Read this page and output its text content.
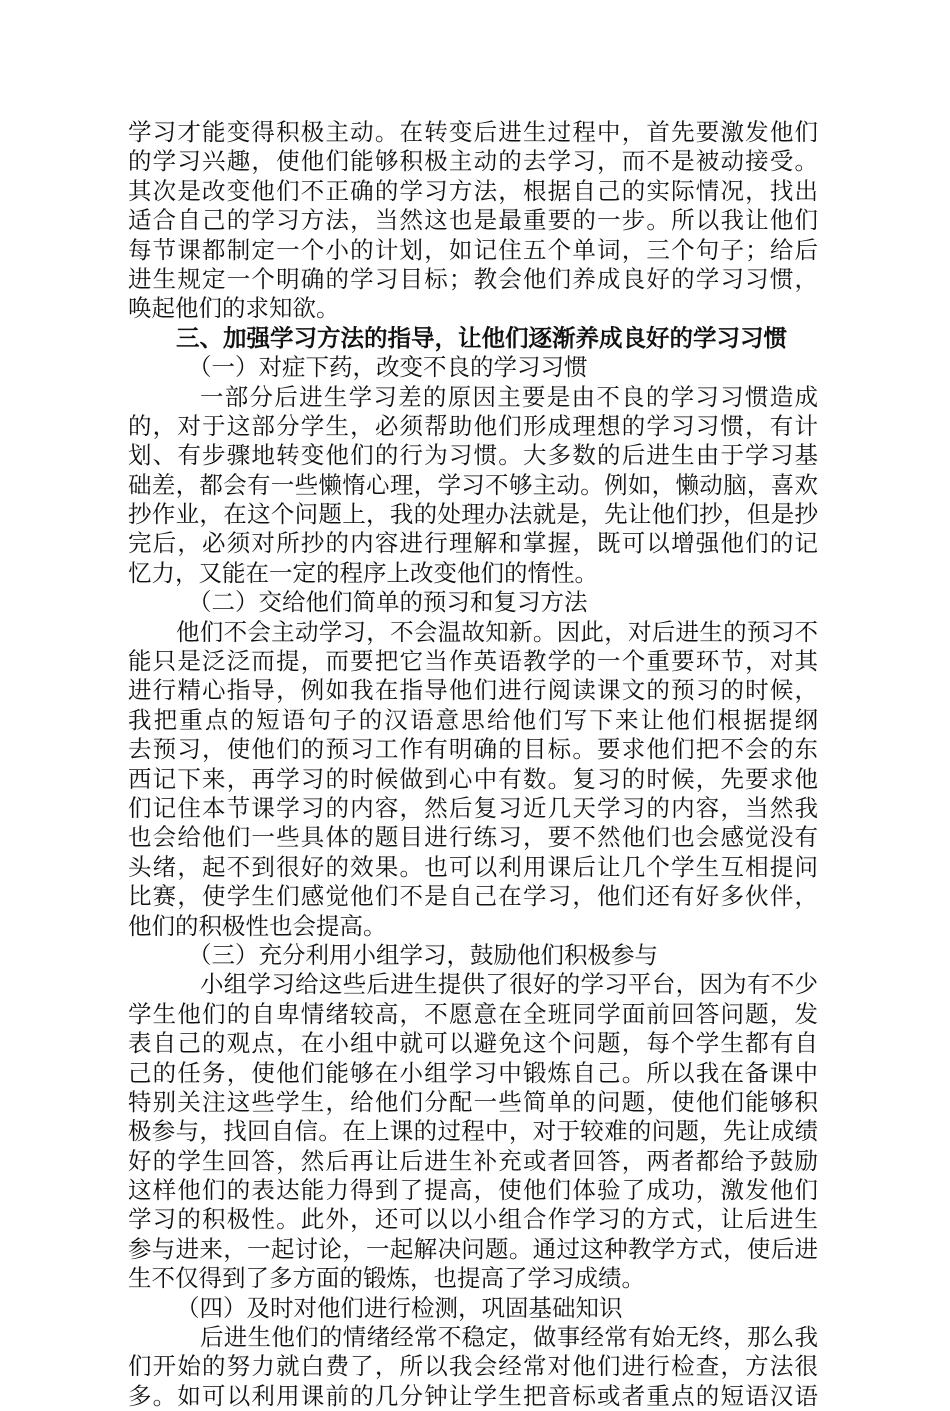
学习才能变得积极主动。在转变后进生过程中，首先要激发他们
的学习兴趣，使他们能够积极主动的去学习，而不是被动接受。
其次是改变他们不正确的学习方法，根据自己的实际情况，找出
适合自己的学习方法，当然这也是最重要的一步。所以我让他们
每节课都制定一个小的计划，如记住五个单词，三个句子；给后
进生规定一个明确的学习目标；教会他们养成良好的学习习惯，
唤起他们的求知欲。
三、加强学习方法的指导，让他们逐渐养成良好的学习习惯
（一）对症下药，改变不良的学习习惯
一部分后进生学习差的原因主要是由不良的学习习惯造成
的，对于这部分学生，必须帮助他们形成理想的学习习惯，有计
划、有步骤地转变他们的行为习惯。大多数的后进生由于学习基
础差，都会有一些懒惰心理，学习不够主动。例如，懒动脑，喜欢
抄作业，在这个问题上，我的处理办法就是，先让他们抄，但是抄
完后，必须对所抄的内容进行理解和掌握，既可以增强他们的记
忆力，又能在一定的程序上改变他们的惰性。
（二）交给他们简单的预习和复习方法
他们不会主动学习，不会温故知新。因此，对后进生的预习不
能只是泛泛而提，而要把它当作英语教学的一个重要环节，对其
进行精心指导，例如我在指导他们进行阅读课文的预习的时候，
我把重点的短语句子的汉语意思给他们写下来让他们根据提纲
去预习，使他们的预习工作有明确的目标。要求他们把不会的东
西记下来，再学习的时候做到心中有数。复习的时候，先要求他
们记住本节课学习的内容，然后复习近几天学习的内容，当然我
也会给他们一些具体的题目进行练习，要不然他们也会感觉没有
头绪，起不到很好的效果。也可以利用课后让几个学生互相提问
比赛，使学生们感觉他们不是自己在学习，他们还有好多伙伴，
他们的积极性也会提高。
（三）充分利用小组学习，鼓励他们积极参与
小组学习给这些后进生提供了很好的学习平台，因为有不少
学生他们的自卑情绪较高，不愿意在全班同学面前回答问题，发
表自己的观点，在小组中就可以避免这个问题，每个学生都有自
己的任务，使他们能够在小组学习中锻炼自己。所以我在备课中
特别关注这些学生，给他们分配一些简单的问题，使他们能够积
极参与，找回自信。在上课的过程中，对于较难的问题，先让成绩
好的学生回答，然后再让后进生补充或者回答，两者都给予鼓励
这样他们的表达能力得到了提高，使他们体验了成功，激发他们
学习的积极性。此外，还可以以小组合作学习的方式，让后进生
参与进来，一起讨论，一起解决问题。通过这种教学方式，使后进
生不仅得到了多方面的锻炼，也提高了学习成绩。
（四）及时对他们进行检测，巩固基础知识
后进生他们的情绪经常不稳定，做事经常有始无终，那么我
们开始的努力就白费了，所以我会经常对他们进行检查，方法很
多。如可以利用课前的几分钟让学生把音标或者重点的短语汉语
